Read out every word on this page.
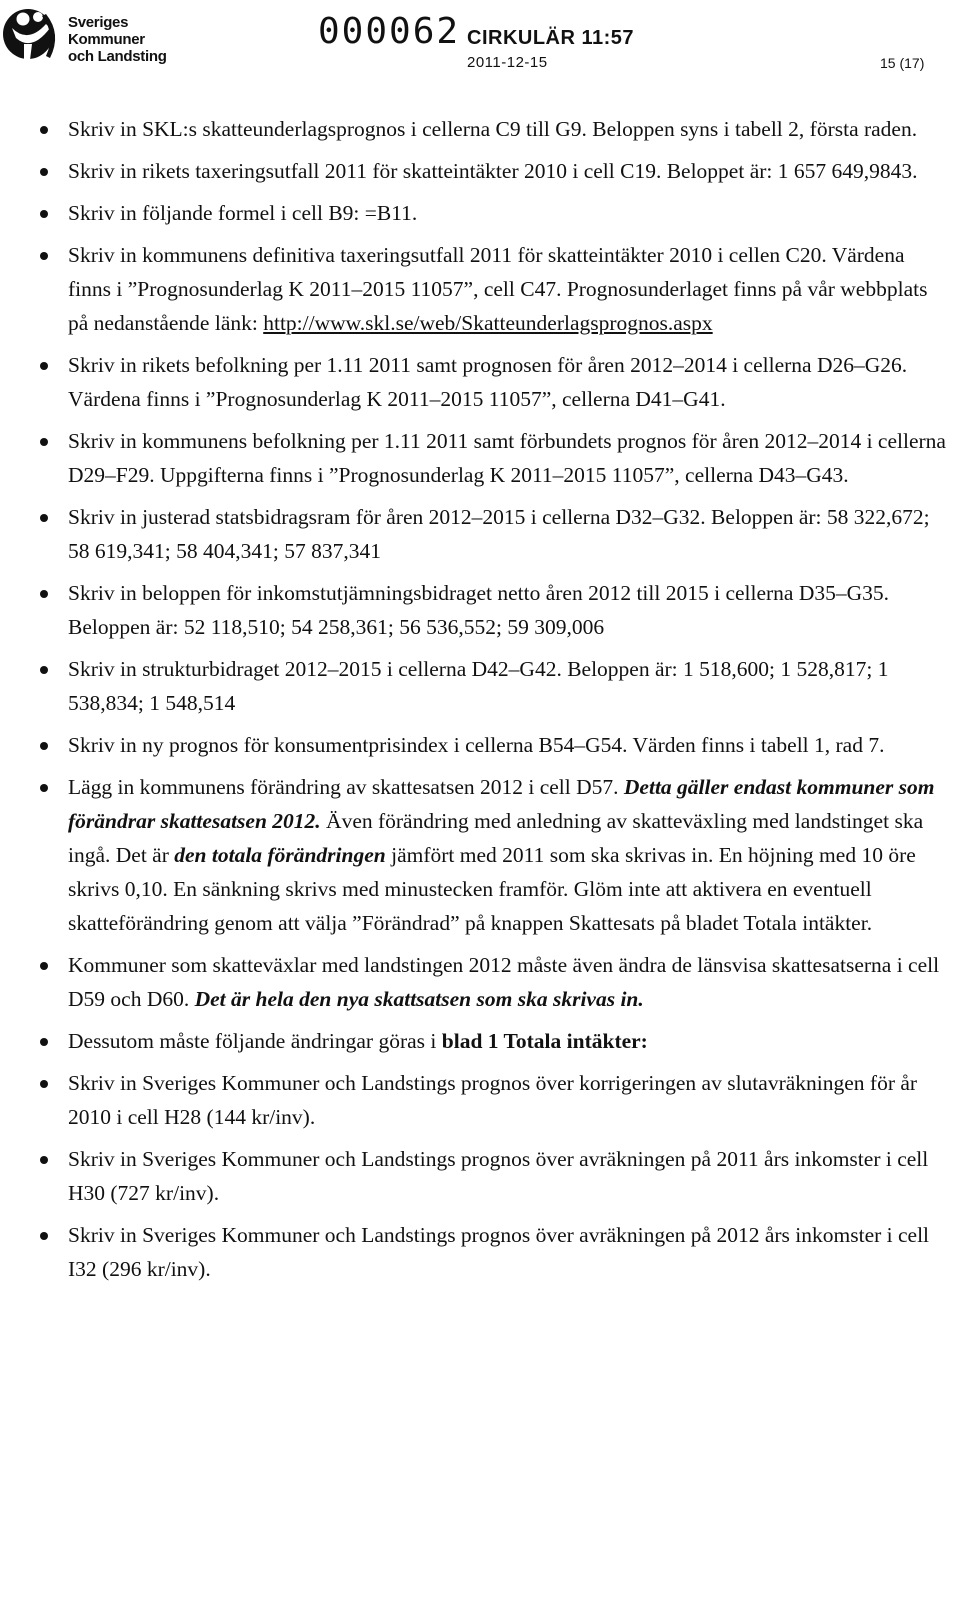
Sveriges
Kommuner
och Landsting
000062 CIRKULÄR 11:57
2011-12-15	15 (17)
Skriv in SKL:s skatteunderlagsprognos i cellerna C9 till G9. Beloppen syns i tabell 2, första raden.
Skriv in rikets taxeringsutfall 2011 för skatteintäkter 2010 i cell C19. Beloppet är: 1 657 649,9843.
Skriv in följande formel i cell B9: =B11.
Skriv in kommunens definitiva taxeringsutfall 2011 för skatteintäkter 2010 i cellen C20. Värdena finns i ”Prognosunderlag K 2011–2015 11057”, cell C47. Prognosunderlaget finns på vår webbplats på nedanstående länk: http://www.skl.se/web/Skatteunderlagsprognos.aspx
Skriv in rikets befolkning per 1.11 2011 samt prognosen för åren 2012–2014 i cellerna D26–G26. Värdena finns i ”Prognosunderlag K 2011–2015 11057”, cellerna D41–G41.
Skriv in kommunens befolkning per 1.11 2011 samt förbundets prognos för åren 2012–2014 i cellerna D29–F29. Uppgifterna finns i ”Prognosunderlag K 2011–2015 11057”, cellerna D43–G43.
Skriv in justerad statsbidragsram för åren 2012–2015 i cellerna D32–G32. Beloppen är: 58 322,672; 58 619,341; 58 404,341; 57 837,341
Skriv in beloppen för inkomstutjämningsbidraget netto åren 2012 till 2015 i cellerna D35–G35. Beloppen är: 52 118,510; 54 258,361; 56 536,552; 59 309,006
Skriv in strukturbidraget 2012–2015 i cellerna D42–G42. Beloppen är: 1 518,600; 1 528,817; 1 538,834; 1 548,514
Skriv in ny prognos för konsumentprisindex i cellerna B54–G54. Värden finns i tabell 1, rad 7.
Lägg in kommunens förändring av skattesatsen 2012 i cell D57. Detta gäller endast kommuner som förändrar skattesatsen 2012. Även förändring med anledning av skatteväxling med landstinget ska ingå. Det är den totala förändringen jämfört med 2011 som ska skrivas in. En höjning med 10 öre skrivs 0,10. En sänkning skrivs med minustecken framför. Glöm inte att aktivera en eventuell skatteförändring genom att välja ”Förändrad” på knappen Skattesats på bladet Totala intäkter.
Kommuner som skatteväxlar med landstingen 2012 måste även ändra de länsvisa skattesatserna i cell D59 och D60. Det är hela den nya skattsatsen som ska skrivas in.
Dessutom måste följande ändringar göras i blad 1 Totala intäkter:
Skriv in Sveriges Kommuner och Landstings prognos över korrigeringen av slutavräkningen för år 2010 i cell H28 (144 kr/inv).
Skriv in Sveriges Kommuner och Landstings prognos över avräkningen på 2011 års inkomster i cell H30 (727 kr/inv).
Skriv in Sveriges Kommuner och Landstings prognos över avräkningen på 2012 års inkomster i cell I32 (296 kr/inv).
